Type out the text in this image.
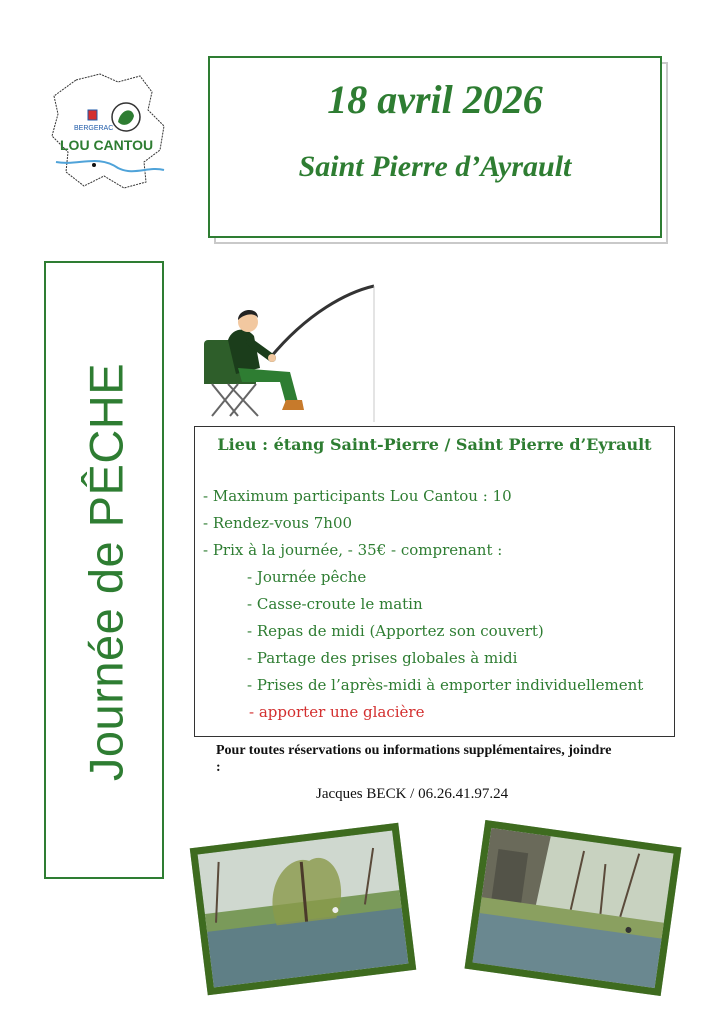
BERGERAC
LOU CANTOU
18 avril 2026
Saint Pierre d’Ayrault
Journée de PÊCHE	Lieu : étang Saint-Pierre / Saint Pierre d’Eyrault
- Maximum participants Lou Cantou : 10
- Rendez-vous 7h00
- Prix à la journée, - 35€ - comprenant :
- Journée pêche
- Casse-croute le matin
- Repas de midi (Apportez son couvert)
- Partage des prises globales à midi
- Prises de l’après-midi à emporter individuellement
- apporter une glacière
Pour toutes réservations ou informations supplémentaires, joindre :
Jacques BECK / 06.26.41.97.24
